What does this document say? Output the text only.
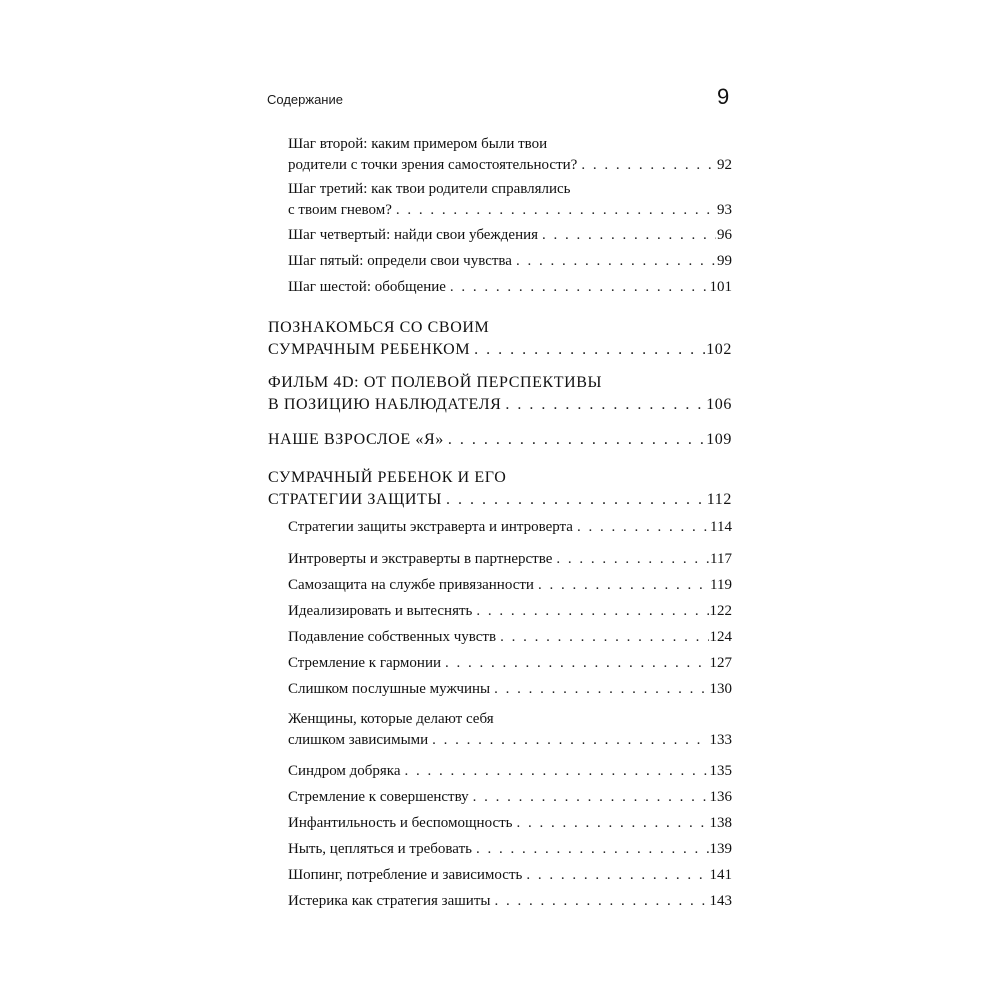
Содержание	9
Шаг второй: каким примером были твои
родители с точки зрения самостоятельности? . . .	92
Шаг третий: как твои родители справлялись
с твоим гневом? . . .	93
Шаг четвертый: найди свои убеждения . . .	96
Шаг пятый: определи свои чувства . . .	99
Шаг шестой: обобщение . . .	101
ПОЗНАКОМЬСЯ СО СВОИМ
СУМРАЧНЫМ РЕБЕНКОМ . . .	102
ФИЛЬМ 4D: ОТ ПОЛЕВОЙ ПЕРСПЕКТИВЫ
В ПОЗИЦИЮ НАБЛЮДАТЕЛЯ . . .	106
НАШЕ ВЗРОСЛОЕ «Я» . . .	109
СУМРАЧНЫЙ РЕБЕНОК И ЕГО
СТРАТЕГИИ ЗАЩИТЫ . . .	112
Стратегии защиты экстраверта и интроверта . . .	114
Интроверты и экстраверты в партнерстве . . .	117
Самозащита на службе привязанности . . .	119
Идеализировать и вытеснять . . .	122
Подавление собственных чувств . . .	124
Стремление к гармонии . . .	127
Слишком послушные мужчины . . .	130
Женщины, которые делают себя
слишком зависимыми . . .	133
Синдром добряка . . .	135
Стремление к совершенству . . .	136
Инфантильность и беспомощность . . .	138
Ныть, цепляться и требовать . . .	139
Шопинг, потребление и зависимость . . .	141
Истерика как стратегия зашиты . . .	143
